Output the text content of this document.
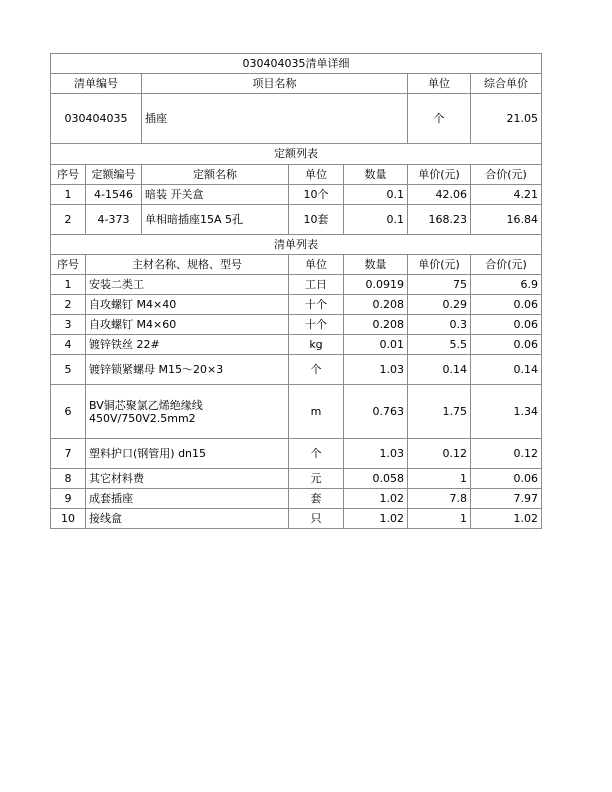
030404035清单详细			
清单编号	项目名称	单位	综合单价
030404035	插座	个	21.05
定额列表						
序号	定额编号	定额名称	单位	数量	单价(元)	合价(元)
1	4-1546	暗装 开关盒	10个	0.1	42.06	4.21
2	4-373	单相暗插座15A 5孔	10套	0.1	168.23	16.84
清单列表					
序号	主材名称、规格、型号	单位	数量	单价(元)	合价(元)
1	安装二类工	工日	0.0919	75	6.9
2	自攻螺钉 M4×40	十个	0.208	0.29	0.06
3	自攻螺钉 M4×60	十个	0.208	0.3	0.06
4	镀锌铁丝 22#	kg	0.01	5.5	0.06
5	镀锌锁紧螺母 M15～20×3	个	1.03	0.14	0.14
6	BV铜芯聚氯乙烯绝缘线 450V/750V2.5mm2	m	0.763	1.75	1.34
7	塑料护口(钢管用) dn15	个	1.03	0.12	0.12
8	其它材料费	元	0.058	1	0.06
9	成套插座	套	1.02	7.8	7.97
10	接线盒	只	1.02	1	1.02
